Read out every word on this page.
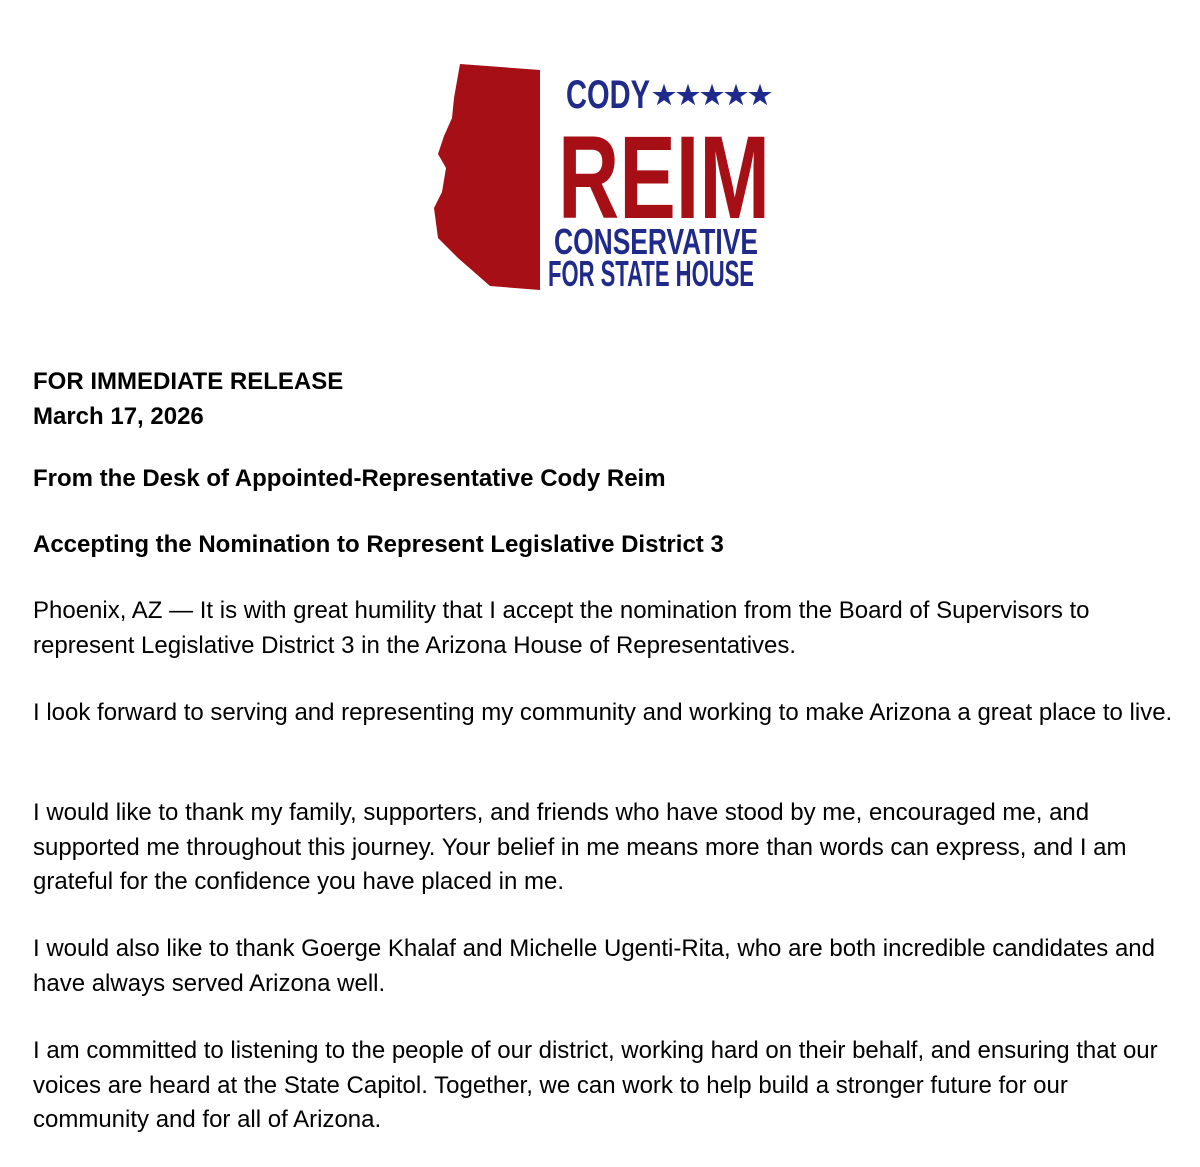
CODY ★★★★★
REIM
CONSERVATIVE
FOR STATE HOUSE

FOR IMMEDIATE RELEASE

March 17, 2026

From the Desk of Appointed-Representative Cody Reim

Accepting the Nomination to Represent Legislative District 3

Phoenix, AZ — It is with great humility that I accept the nomination from the Board of Supervisors to represent Legislative District 3 in the Arizona House of Representatives.

I look forward to serving and representing my community and working to make Arizona a great place to live.

I would like to thank my family, supporters, and friends who have stood by me, encouraged me, and supported me throughout this journey. Your belief in me means more than words can express, and I am grateful for the confidence you have placed in me.

I would also like to thank Goerge Khalaf and Michelle Ugenti-Rita, who are both incredible candidates and have always served Arizona well.

I am committed to listening to the people of our district, working hard on their behalf, and ensuring that our voices are heard at the State Capitol. Together, we can work to help build a stronger future for our community and for all of Arizona.
